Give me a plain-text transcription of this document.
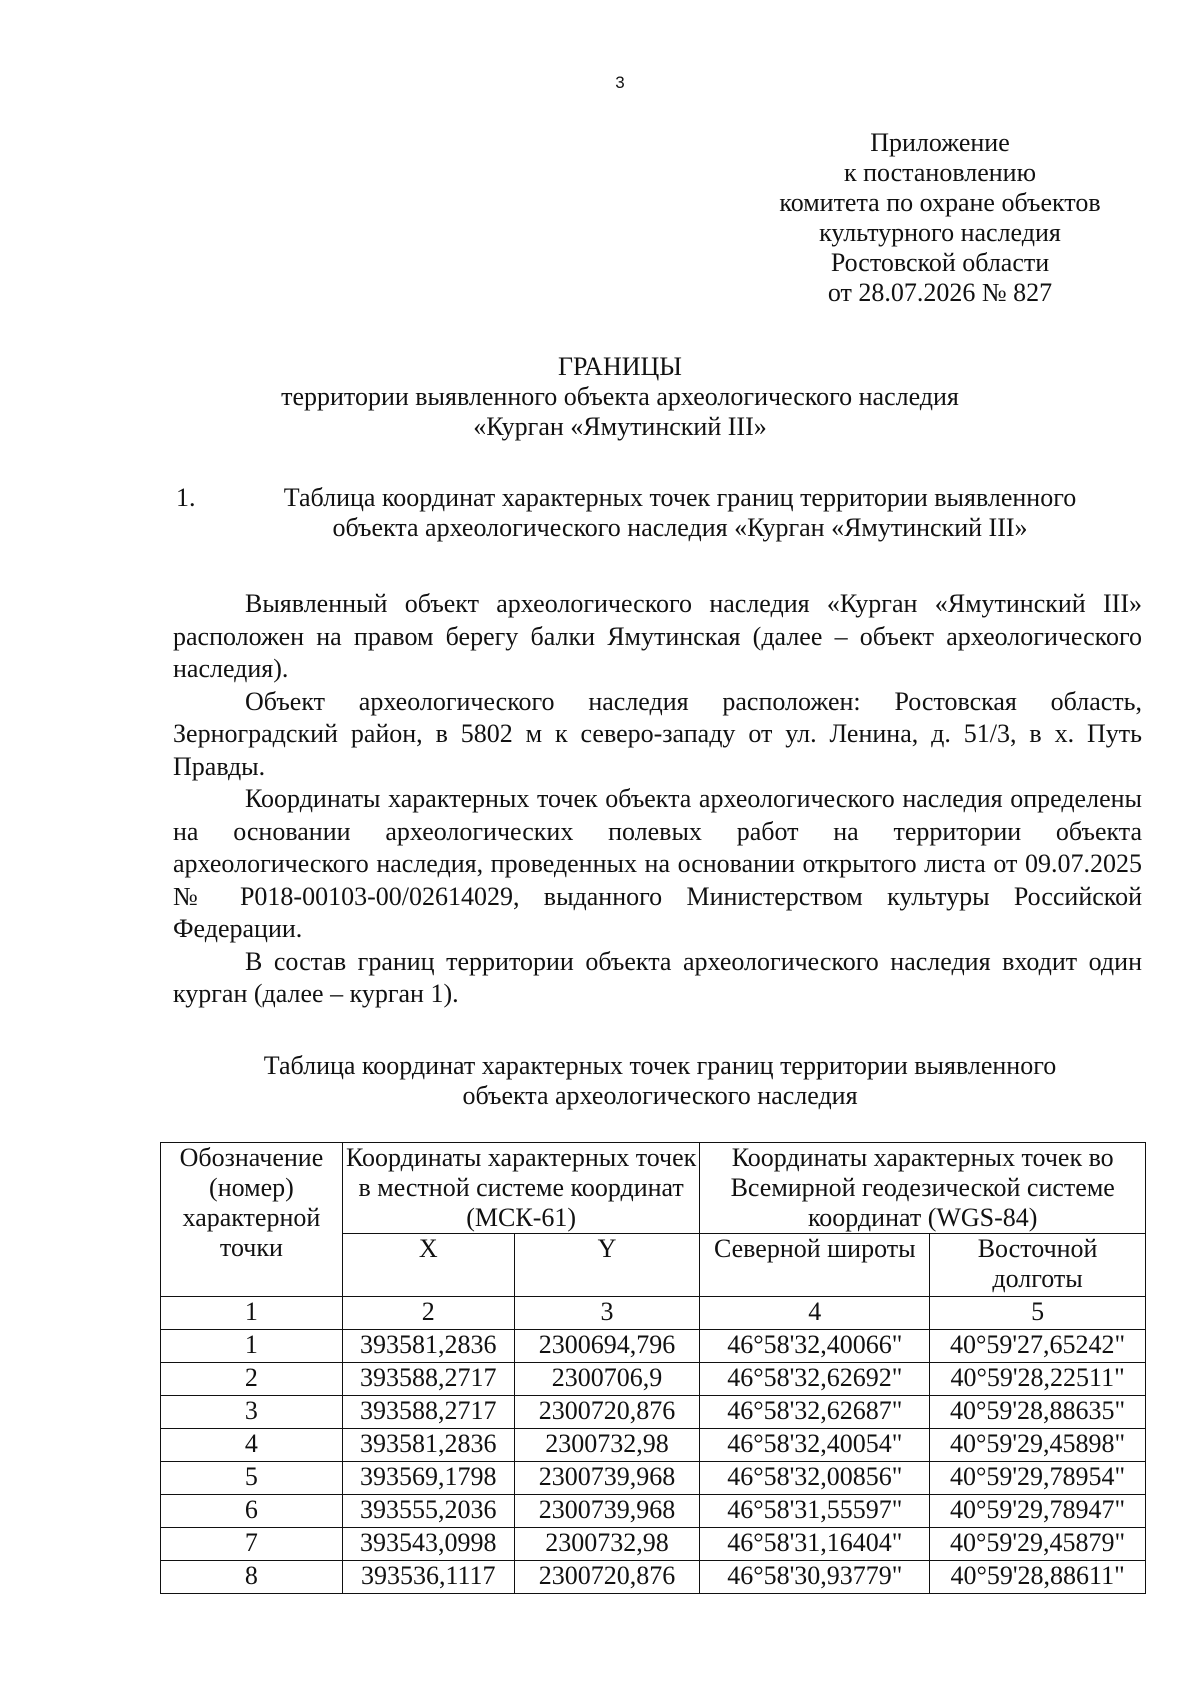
3
Приложение
к постановлению
комитета по охране объектов
культурного наследия
Ростовской области
от 28.07.2026 № 827
ГРАНИЦЫ
территории выявленного объекта археологического наследия
«Курган «Ямутинский III»
1.	Таблица координат характерных точек границ территории выявленного объекта археологического наследия «Курган «Ямутинский III»

Выявленный объект археологического наследия «Курган «Ямутинский III» расположен на правом берегу балки Ямутинская (далее – объект археологического наследия).

Объект археологического наследия расположен: Ростовская область, Зерноградский район, в 5802 м к северо-западу от ул. Ленина, д. 51/3, в х. Путь Правды.

Координаты характерных точек объекта археологического наследия определены на основании археологических полевых работ на территории объекта археологического наследия, проведенных на основании открытого листа от 09.07.2025 № Р018-00103-00/02614029, выданного Министерством культуры Российской Федерации.

В состав границ территории объекта археологического наследия входит один курган (далее – курган 1).

Таблица координат характерных точек границ территории выявленного
объекта археологического наследия
Обозначение (номер) характерной точки	Координаты характерных точек в местной системе координат (МСК-61)		Координаты характерных точек во Всемирной геодезической системе координат (WGS-84)	
	X	Y	Северной широты	Восточной долготы
1	2	3	4	5
1	393581,2836	2300694,796	46°58'32,40066"	40°59'27,65242"
2	393588,2717	2300706,9	46°58'32,62692"	40°59'28,22511"
3	393588,2717	2300720,876	46°58'32,62687"	40°59'28,88635"
4	393581,2836	2300732,98	46°58'32,40054"	40°59'29,45898"
5	393569,1798	2300739,968	46°58'32,00856"	40°59'29,78954"
6	393555,2036	2300739,968	46°58'31,55597"	40°59'29,78947"
7	393543,0998	2300732,98	46°58'31,16404"	40°59'29,45879"
8	393536,1117	2300720,876	46°58'30,93779"	40°59'28,88611"
